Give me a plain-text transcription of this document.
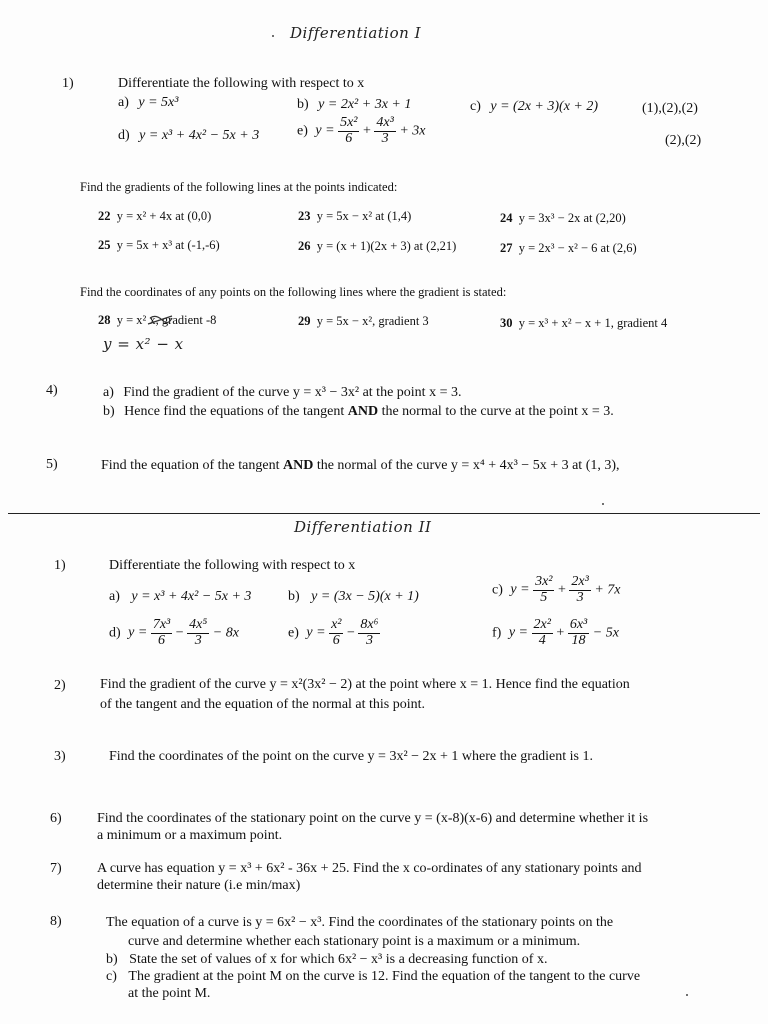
Differentiation I
1)	Differentiate the following with respect to x
a) y = 5x³	b) y = 2x² + 3x + 1	c) y = (2x + 3)(x + 2)	(1),(2),(2)
d) y = x³ + 4x² − 5x + 3	e) $y = \frac{\text{5x²}}{6} + \frac{\text{4x³}}{3} + 3x$
(2),(2)
Find the gradients of the following lines at the points indicated:
22 y = x² + 4x at (0,0)	23 y = 5x − x² at (1,4)	24 y = 3x³ − 2x at (2,20)
25 y = 5x + x³ at (-1,-6)	26 y = (x + 1)(2x + 3) at (2,21)	27 y = 2x³ − x² − 6 at (2,6)
Find the coordinates of any points on the following lines where the gradient is stated:
28 y = x² x, gradient -8	29 y = 5x − x², gradient 3	30 y = x³ + x² − x + 1, gradient 4
y = x² − x
4)	a) Find the gradient of the curve y = x³ − 3x² at the point x = 3.
b) Hence find the equations of the tangent AND the normal to the curve at the point x = 3.
5)	Find the equation of the tangent AND the normal of the curve y = x⁴ + 4x³ − 5x + 3 at (1, 3),
Differentiation II
1)	Differentiate the following with respect to x
a) y = x³ + 4x² − 5x + 3	b) y = (3x − 5)(x + 1)	c) $y = \frac{\text{3x²}}{5} + \frac{\text{2x³}}{3} + 7x$
d) $y = \frac{\text{7x³}}{6} - \frac{\text{4x⁵}}{3} - 8x$	e) $y = \frac{\text{x²}}{6} - \frac{\text{8x⁶}}{3}$	f) $y = \frac{\text{2x²}}{4} + \frac{\text{6x³}}{18} - 5x$
2) Find the gradient of the curve y = x²(3x² − 2) at the point where x = 1. Hence find the equation
of the tangent and the equation of the normal at this point.
3)	Find the coordinates of the point on the curve y = 3x² − 2x + 1 where the gradient is 1.
6)	Find the coordinates of the stationary point on the curve y = (x-8)(x-6) and determine whether it is
a minimum or a maximum point.
7)	A curve has equation y = x³ + 6x² - 36x + 25. Find the x co-ordinates of any stationary points and
determine their nature (i.e min/max)
8)	The equation of a curve is y = 6x² − x³. Find the coordinates of the stationary points on the
curve and determine whether each stationary point is a maximum or a minimum.
b) State the set of values of x for which 6x² − x³ is a decreasing function of x.
c) The gradient at the point M on the curve is 12. Find the equation of the tangent to the curve
at the point M.
